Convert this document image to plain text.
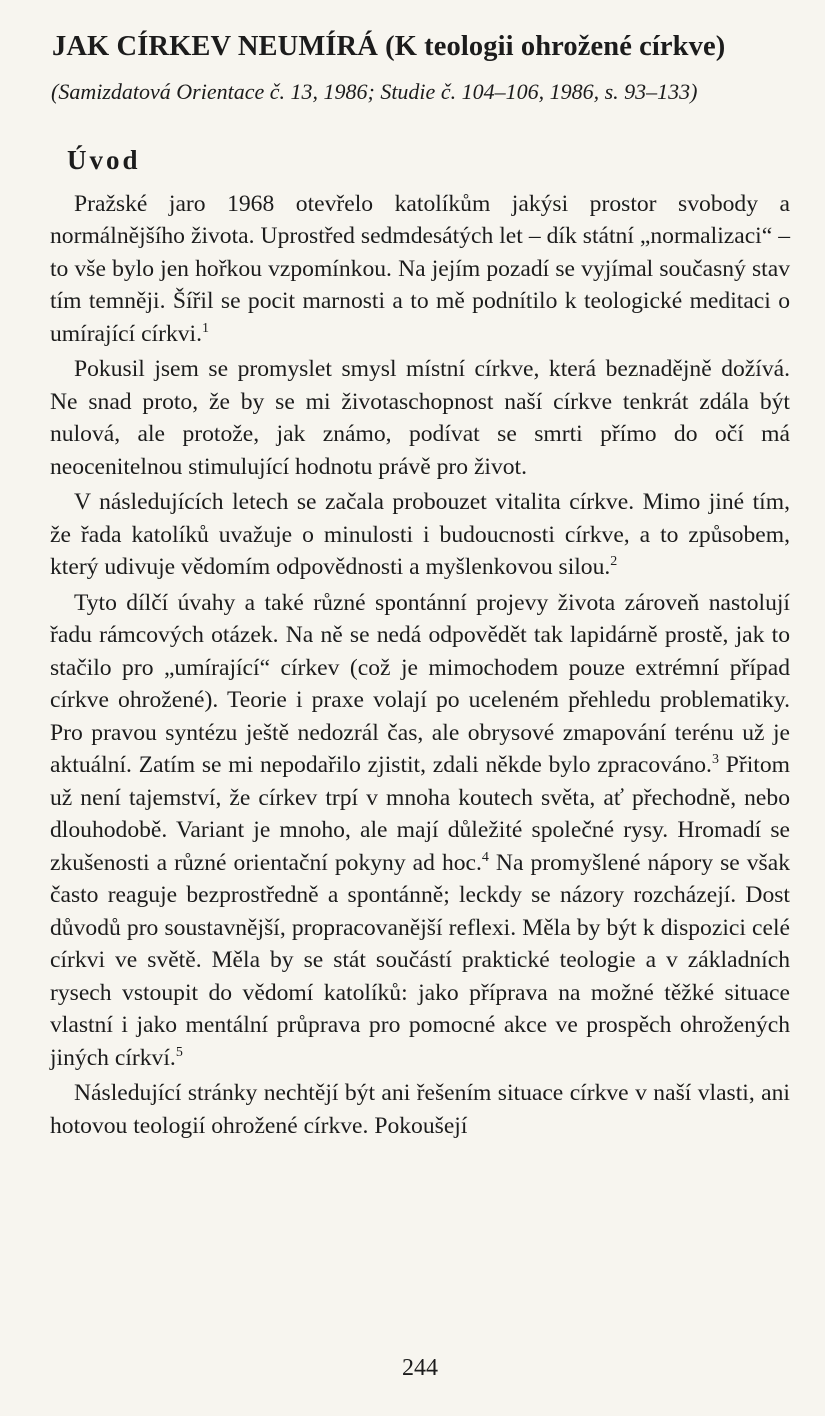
JAK CÍRKEV NEUMÍRÁ (K teologii ohrožené církve)

(Samizdatová Orientace č. 13, 1986; Studie č. 104–106, 1986, s. 93–133)

Úvod

Pražské jaro 1968 otevřelo katolíkům jakýsi prostor svobody a normálnějšího života. Uprostřed sedmdesátých let – dík státní „normalizaci“ – to vše bylo jen hořkou vzpomínkou. Na jejím pozadí se vyjímal současný stav tím temněji. Šířil se pocit marnosti a to mě podnítilo k teologické meditaci o umírající církvi.$^1$

Pokusil jsem se promyslet smysl místní církve, která beznadějně dožívá. Ne snad proto, že by se mi životaschopnost naší církve tenkrát zdála být nulová, ale protože, jak známo, podívat se smrti přímo do očí má neocenitelnou stimulující hodnotu právě pro život.

V následujících letech se začala probouzet vitalita církve. Mimo jiné tím, že řada katolíků uvažuje o minulosti i budoucnosti církve, a to způsobem, který udivuje vědomím odpovědnosti a myšlenkovou silou.$^2$

Tyto dílčí úvahy a také různé spontánní projevy života zároveň nastolují řadu rámcových otázek. Na ně se nedá odpovědět tak lapidárně prostě, jak to stačilo pro „umírající“ církev (což je mimochodem pouze extrémní případ církve ohrožené). Teorie i praxe volají po uceleném přehledu problematiky. Pro pravou syntézu ještě nedozrál čas, ale obrysové zmapování terénu už je aktuální. Zatím se mi nepodařilo zjistit, zdali někde bylo zpracováno.$^3$ Přitom už není tajemství, že církev trpí v mnoha koutech světa, ať přechodně, nebo dlouhodobě. Variant je mnoho, ale mají důležité společné rysy. Hromadí se zkušenosti a různé orientační pokyny ad hoc.$^4$ Na promyšlené nápory se však často reaguje bezprostředně a spontánně; leckdy se názory rozcházejí. Dost důvodů pro soustavnější, propracovanější reflexi. Měla by být k dispozici celé církvi ve světě. Měla by se stát součástí praktické teologie a v základních rysech vstoupit do vědomí katolíků: jako příprava na možné těžké situace vlastní i jako mentální průprava pro pomocné akce ve prospěch ohrožených jiných církví.$^5$

Následující stránky nechtějí být ani řešením situace církve v naší vlasti, ani hotovou teologií ohrožené církve. Pokoušejí

244
